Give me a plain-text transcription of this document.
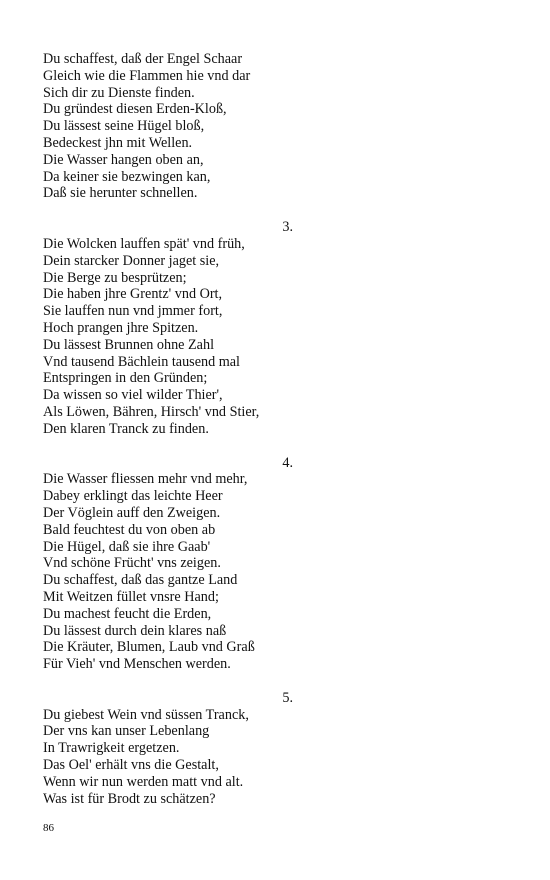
Du schaffest, daß der Engel Schaar
Gleich wie die Flammen hie vnd dar
Sich dir zu Dienste finden.
Du gründest diesen Erden-Kloß,
Du lässest seine Hügel bloß,
Bedeckest jhn mit Wellen.
Die Wasser hangen oben an,
Da keiner sie bezwingen kan,
Daß sie herunter schnellen.
3.
Die Wolcken lauffen spät' vnd früh,
Dein starcker Donner jaget sie,
Die Berge zu besprützen;
Die haben jhre Grentz' vnd Ort,
Sie lauffen nun vnd jmmer fort,
Hoch prangen jhre Spitzen.
Du lässest Brunnen ohne Zahl
Vnd tausend Bächlein tausend mal
Entspringen in den Gründen;
Da wissen so viel wilder Thier',
Als Löwen, Bähren, Hirsch' vnd Stier,
Den klaren Tranck zu finden.
4.
Die Wasser fliessen mehr vnd mehr,
Dabey erklingt das leichte Heer
Der Vöglein auff den Zweigen.
Bald feuchtest du von oben ab
Die Hügel, daß sie ihre Gaab'
Vnd schöne Frücht' vns zeigen.
Du schaffest, daß das gantze Land
Mit Weitzen füllet vnsre Hand;
Du machest feucht die Erden,
Du lässest durch dein klares naß
Die Kräuter, Blumen, Laub vnd Graß
Für Vieh' vnd Menschen werden.
5.
Du giebest Wein vnd süssen Tranck,
Der vns kan unser Lebenlang
In Trawrigkeit ergetzen.
Das Oel' erhält vns die Gestalt,
Wenn wir nun werden matt vnd alt.
Was ist für Brodt zu schätzen?
86
